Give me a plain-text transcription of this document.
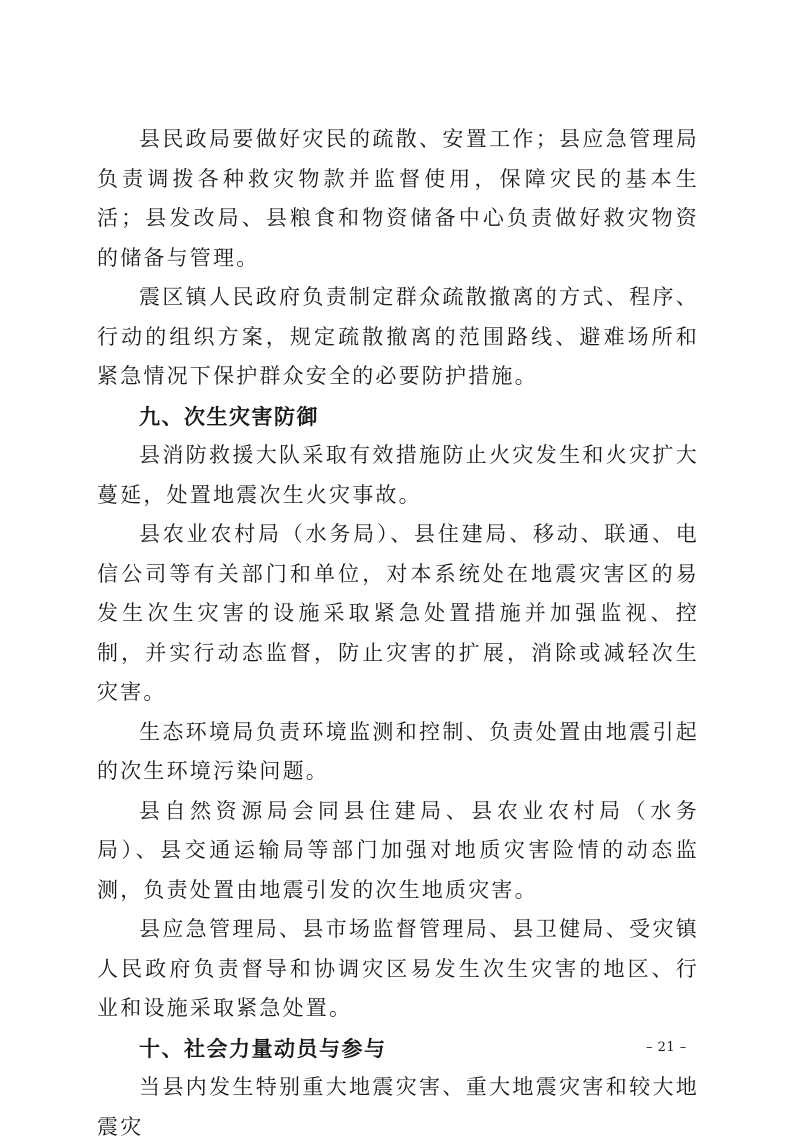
县民政局要做好灾民的疏散、安置工作；县应急管理局负责调拨各种救灾物款并监督使用，保障灾民的基本生活；县发改局、县粮食和物资储备中心负责做好救灾物资的储备与管理。

震区镇人民政府负责制定群众疏散撤离的方式、程序、行动的组织方案，规定疏散撤离的范围路线、避难场所和紧急情况下保护群众安全的必要防护措施。

九、次生灾害防御

县消防救援大队采取有效措施防止火灾发生和火灾扩大蔓延，处置地震次生火灾事故。

县农业农村局（水务局）、县住建局、移动、联通、电信公司等有关部门和单位，对本系统处在地震灾害区的易发生次生灾害的设施采取紧急处置措施并加强监视、控制，并实行动态监督，防止灾害的扩展，消除或减轻次生灾害。

生态环境局负责环境监测和控制、负责处置由地震引起的次生环境污染问题。

县自然资源局会同县住建局、县农业农村局（水务局）、县交通运输局等部门加强对地质灾害险情的动态监测，负责处置由地震引发的次生地质灾害。

县应急管理局、县市场监督管理局、县卫健局、受灾镇人民政府负责督导和协调灾区易发生次生灾害的地区、行业和设施采取紧急处置。

十、社会力量动员与参与

当县内发生特别重大地震灾害、重大地震灾害和较大地震灾

– 21 –
